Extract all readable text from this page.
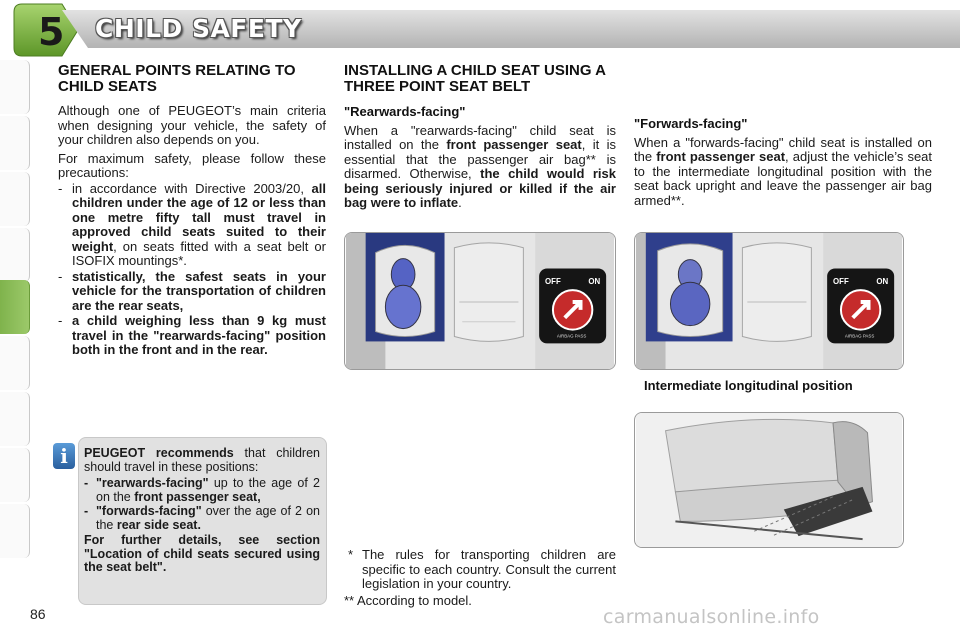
5 CHILD SAFETY
GENERAL POINTS RELATING TO CHILD SEATS

Although one of PEUGEOT’s main criteria when designing your vehicle, the safety of your children also depends on you.

For maximum safety, please follow these precautions:

- in accordance with Directive 2003/20, all children under the age of 12 or less than one metre fifty tall must travel in approved child seats suited to their weight, on seats fitted with a seat belt or ISOFIX mountings*.
- statistically, the safest seats in your vehicle for the transportation of children are the rear seats,
- a child weighing less than 9 kg must travel in the "rearwards-facing" position both in the front and in the rear.
i	PEUGEOT recommends that children should travel in these positions:

- "rearwards-facing" up to the age of 2 on the front passenger seat,
- "forwards-facing" over the age of 2 on the rear side seat.

For further details, see section "Location of child seats secured using the seat belt".

INSTALLING A CHILD SEAT USING A THREE POINT SEAT BELT
"Rearwards-facing"

When a "rearwards-facing" child seat is installed on the front passenger seat, it is essential that the passenger air bag** is disarmed. Otherwise, the child would risk being seriously injured or killed if the air bag were to inflate.

"Forwards-facing"

When a "forwards-facing" child seat is installed on the front passenger seat, adjust the vehicle’s seat to the intermediate longitudinal position with the seat back upright and leave the passenger air bag armed**.

OFF	ON
AIRBAG PASS
OFF	ON
AIRBAG PASS
Intermediate longitudinal position

* The rules for transporting children are specific to each country. Consult the current legislation in your country.

** According to model.

86	carmanualsonline.info
